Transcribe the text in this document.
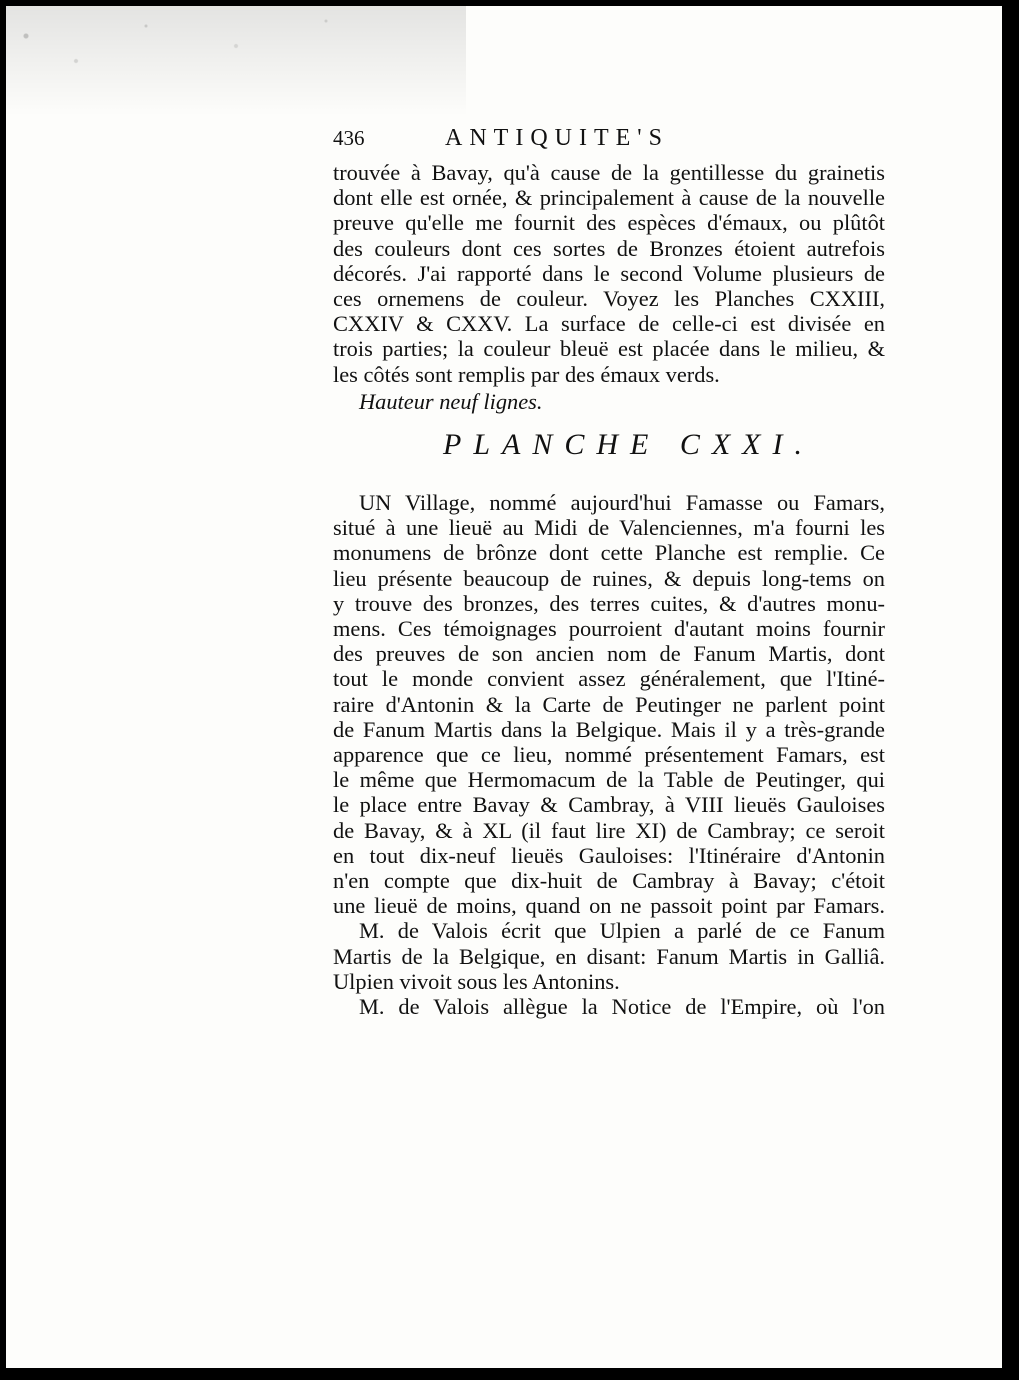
436	ANTIQUITE'S
trouvée à Bavay, qu'à cause de la gentillesse du grainetis
dont elle est ornée, & principalement à cause de la nouvelle
preuve qu'elle me fournit des espèces d'émaux, ou plûtôt
des couleurs dont ces sortes de Bronzes étoient autrefois
décorés. J'ai rapporté dans le second Volume plusieurs de
ces ornemens de couleur. Voyez les Planches CXXIII,
CXXIV & CXXV. La surface de celle-ci est divisée en
trois parties; la couleur bleuë est placée dans le milieu, &
les côtés sont remplis par des émaux verds.
Hauteur neuf lignes.
PLANCHE CXXI.
UN Village, nommé aujourd'hui Famasse ou Famars,
situé à une lieuë au Midi de Valenciennes, m'a fourni les
monumens de brônze dont cette Planche est remplie. Ce
lieu présente beaucoup de ruines, & depuis long-tems on
y trouve des bronzes, des terres cuites, & d'autres monu-
mens. Ces témoignages pourroient d'autant moins fournir
des preuves de son ancien nom de Fanum Martis, dont
tout le monde convient assez généralement, que l'Itiné-
raire d'Antonin & la Carte de Peutinger ne parlent point
de Fanum Martis dans la Belgique. Mais il y a très-grande
apparence que ce lieu, nommé présentement Famars, est
le même que Hermomacum de la Table de Peutinger, qui
le place entre Bavay & Cambray, à VIII lieuës Gauloises
de Bavay, & à XL (il faut lire XI) de Cambray; ce seroit
en tout dix-neuf lieuës Gauloises: l'Itinéraire d'Antonin
n'en compte que dix-huit de Cambray à Bavay; c'étoit
une lieuë de moins, quand on ne passoit point par Famars.
M. de Valois écrit que Ulpien a parlé de ce Fanum
Martis de la Belgique, en disant: Fanum Martis in Galliâ.
Ulpien vivoit sous les Antonins.
M. de Valois allègue la Notice de l'Empire, où l'on
